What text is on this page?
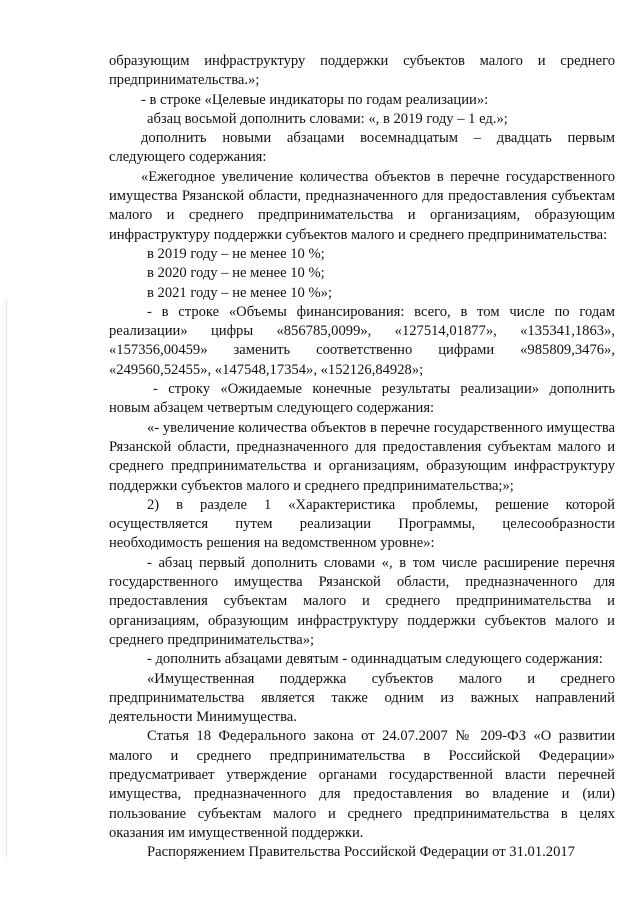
образующим инфраструктуру поддержки субъектов малого и среднего предпринимательства.»;

- в строке «Целевые индикаторы по годам реализации»:

абзац восьмой дополнить словами: «, в 2019 году – 1 ед.»;

дополнить новыми абзацами восемнадцатым – двадцать первым следующего содержания:

«Ежегодное увеличение количества объектов в перечне государственного имущества Рязанской области, предназначенного для предоставления субъектам малого и среднего предпринимательства и организациям, образующим инфраструктуру поддержки субъектов малого и среднего предпринимательства:

в 2019 году – не менее 10 %;

в 2020 году – не менее 10 %;

в 2021 году – не менее 10 %»;

- в строке «Объемы финансирования: всего, в том числе по годам реализации» цифры «856785,0099», «127514,01877», «135341,1863», «157356,00459» заменить соответственно цифрами «985809,3476», «249560,52455», «147548,17354», «152126,84928»;

- строку «Ожидаемые конечные результаты реализации» дополнить новым абзацем четвертым следующего содержания:

«- увеличение количества объектов в перечне государственного имущества Рязанской области, предназначенного для предоставления субъектам малого и среднего предпринимательства и организациям, образующим инфраструктуру поддержки субъектов малого и среднего предпринимательства;»;

2) в разделе 1 «Характеристика проблемы, решение которой осуществляется путем реализации Программы, целесообразности необходимость решения на ведомственном уровне»:

- абзац первый дополнить словами «, в том числе расширение перечня государственного имущества Рязанской области, предназначенного для предоставления субъектам малого и среднего предпринимательства и организациям, образующим инфраструктуру поддержки субъектов малого и среднего предпринимательства»;

- дополнить абзацами девятым - одиннадцатым следующего содержания:

«Имущественная поддержка субъектов малого и среднего предпринимательства является также одним из важных направлений деятельности Минимущества.

Статья 18 Федерального закона от 24.07.2007 № 209-ФЗ «О развитии малого и среднего предпринимательства в Российской Федерации» предусматривает утверждение органами государственной власти перечней имущества, предназначенного для предоставления во владение и (или) пользование субъектам малого и среднего предпринимательства в целях оказания им имущественной поддержки.

Распоряжением Правительства Российской Федерации от 31.01.2017
